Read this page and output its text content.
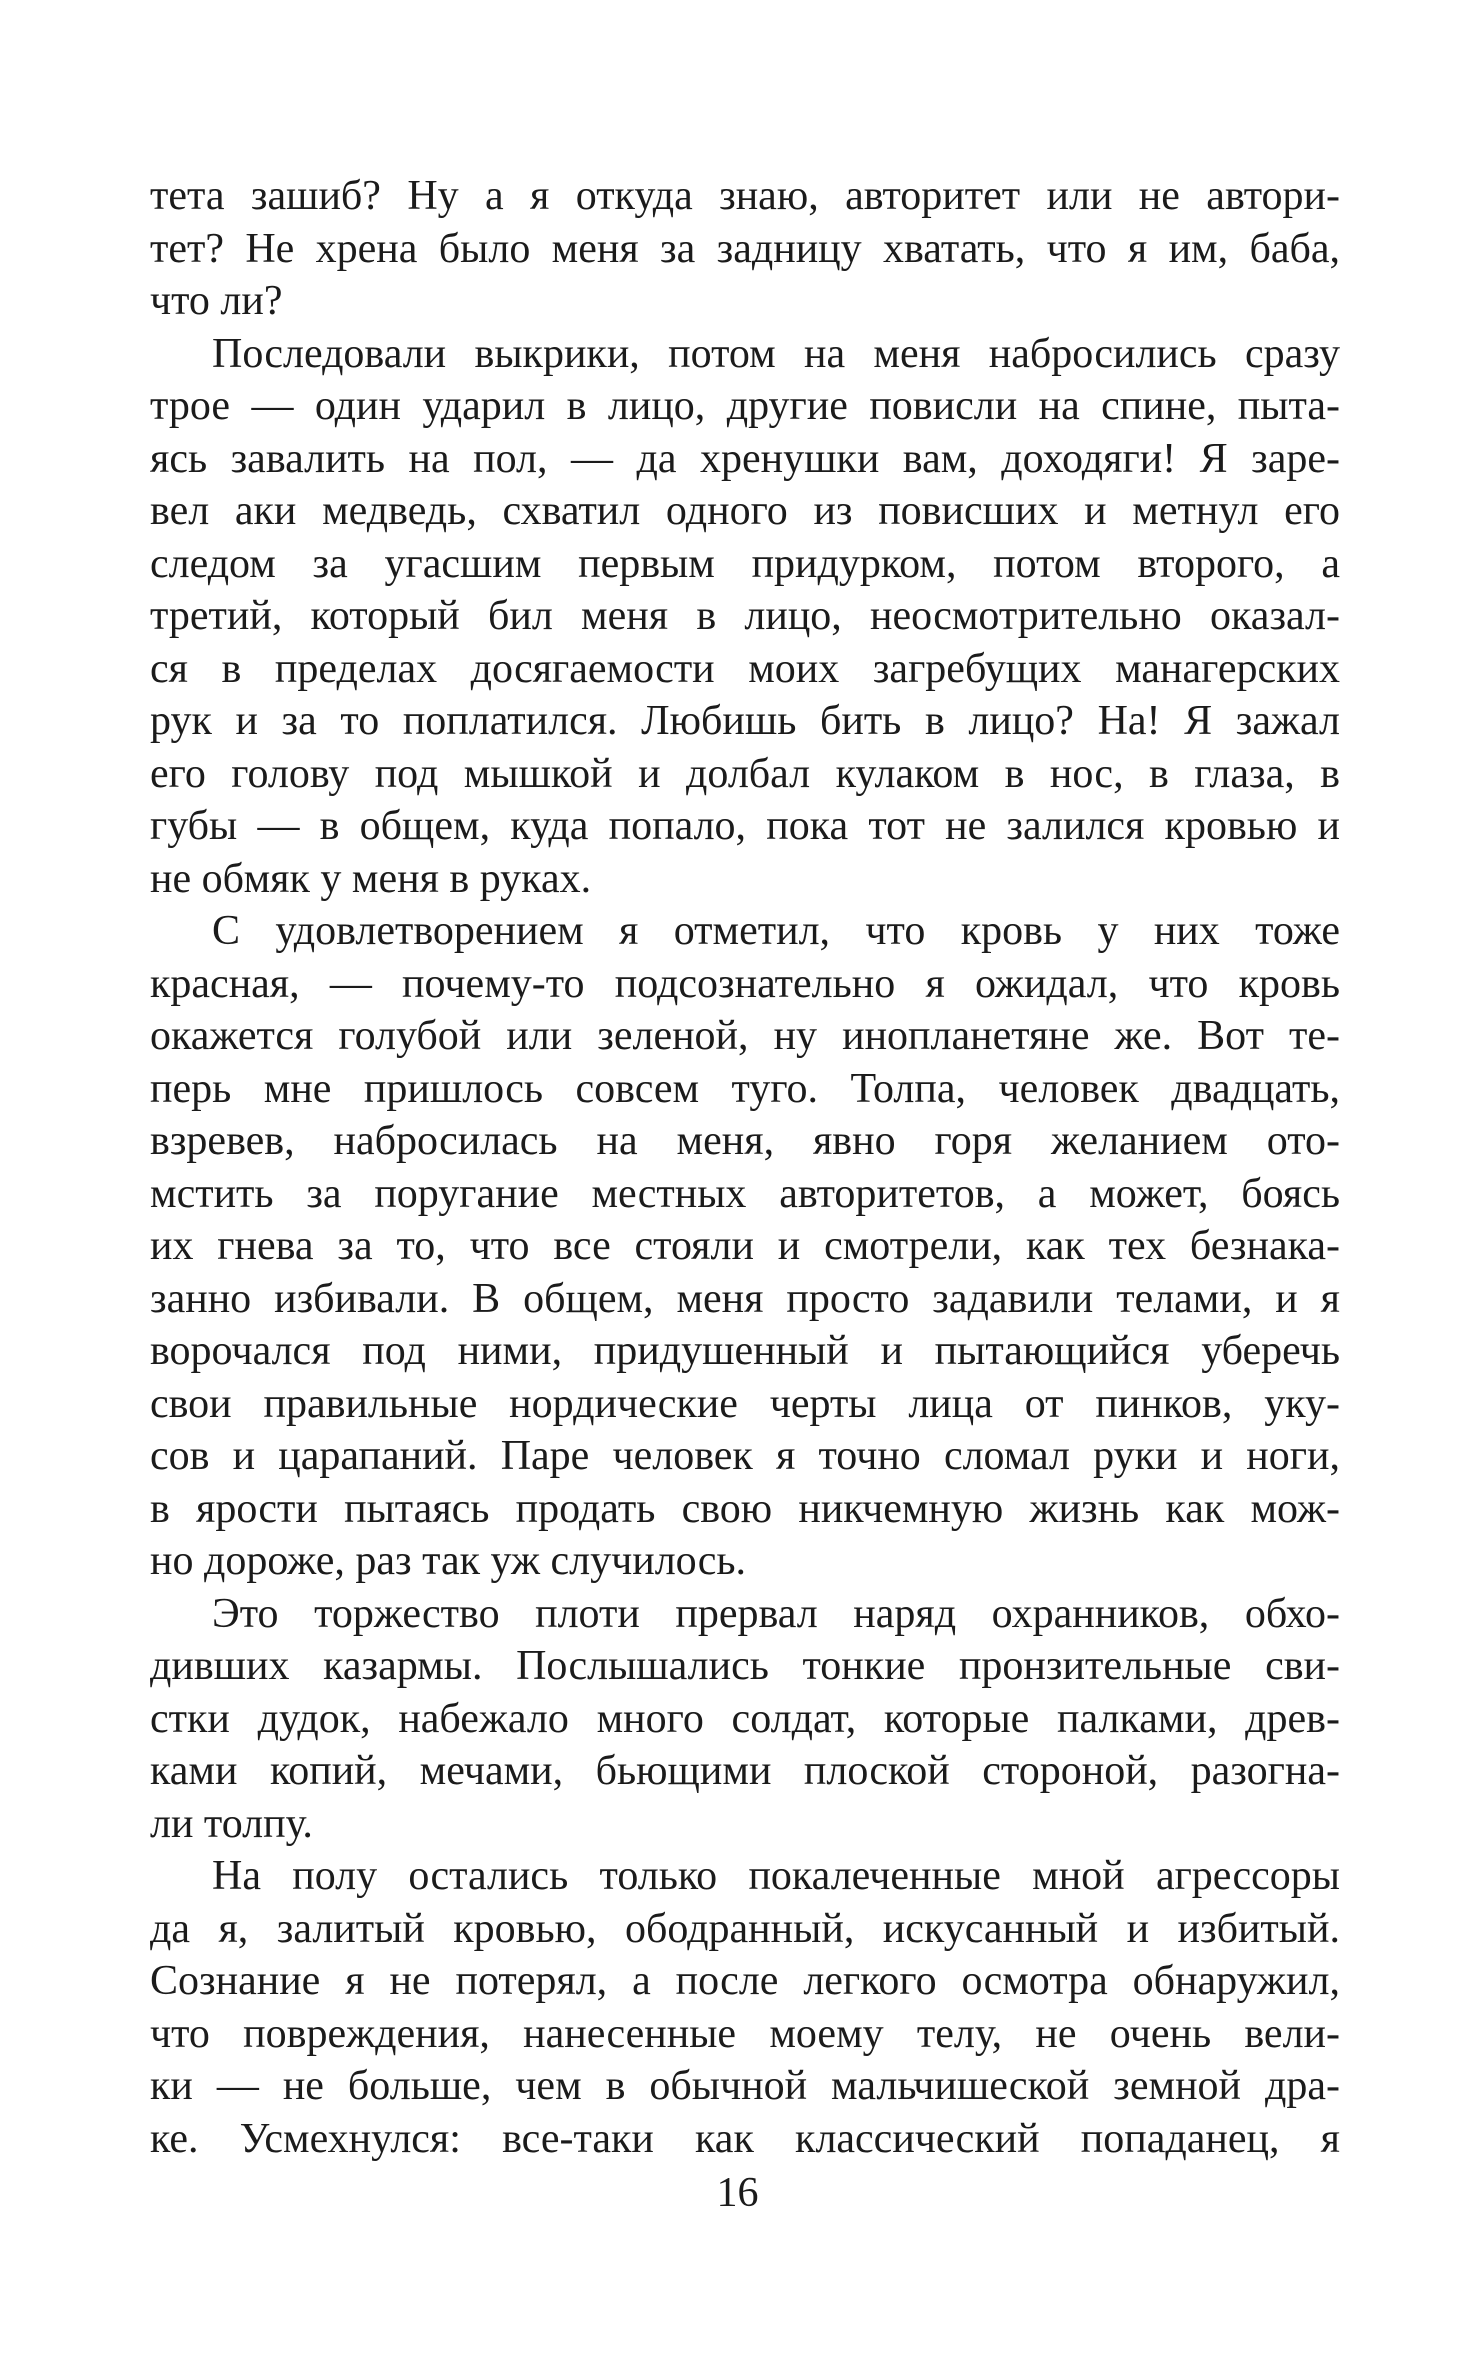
тета зашиб? Ну а я откуда знаю, авторитет или не автори-
тет? Не хрена было меня за задницу хватать, что я им, баба,
что ли?
Последовали выкрики, потом на меня набросились сразу
трое — один ударил в лицо, другие повисли на спине, пыта-
ясь завалить на пол, — да хренушки вам, доходяги! Я заре-
вел аки медведь, схватил одного из повисших и метнул его
следом за угасшим первым придурком, потом второго, а
третий, который бил меня в лицо, неосмотрительно оказал-
ся в пределах досягаемости моих загребущих манагерских
рук и за то поплатился. Любишь бить в лицо? На! Я зажал
его голову под мышкой и долбал кулаком в нос, в глаза, в
губы — в общем, куда попало, пока тот не залился кровью и
не обмяк у меня в руках.
С удовлетворением я отметил, что кровь у них тоже
красная, — почему-то подсознательно я ожидал, что кровь
окажется голубой или зеленой, ну инопланетяне же. Вот те-
перь мне пришлось совсем туго. Толпа, человек двадцать,
взревев, набросилась на меня, явно горя желанием ото-
мстить за поругание местных авторитетов, а может, боясь
их гнева за то, что все стояли и смотрели, как тех безнака-
занно избивали. В общем, меня просто задавили телами, и я
ворочался под ними, придушенный и пытающийся уберечь
свои правильные нордические черты лица от пинков, уку-
сов и царапаний. Паре человек я точно сломал руки и ноги,
в ярости пытаясь продать свою никчемную жизнь как мож-
но дороже, раз так уж случилось.
Это торжество плоти прервал наряд охранников, обхо-
дивших казармы. Послышались тонкие пронзительные сви-
стки дудок, набежало много солдат, которые палками, древ-
ками копий, мечами, бьющими плоской стороной, разогна-
ли толпу.
На полу остались только покалеченные мной агрессоры
да я, залитый кровью, ободранный, искусанный и избитый.
Сознание я не потерял, а после легкого осмотра обнаружил,
что повреждения, нанесенные моему телу, не очень вели-
ки — не больше, чем в обычной мальчишеской земной дра-
ке. Усмехнулся: все-таки как классический попаданец, я
16
